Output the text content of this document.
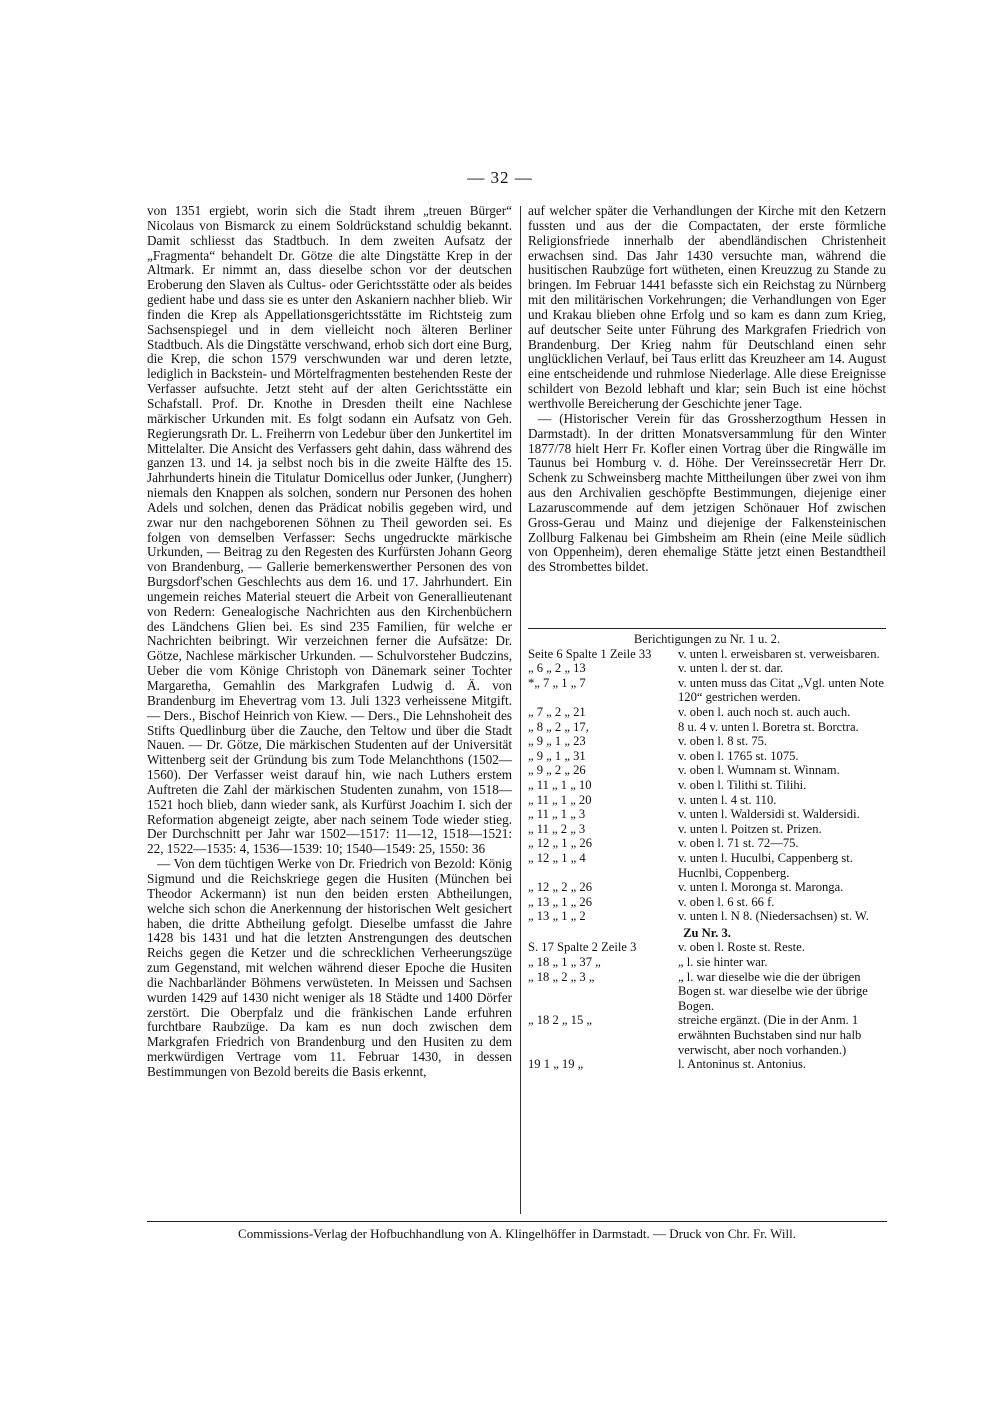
— 32 —

von 1351 ergiebt, worin sich die Stadt ihrem „treuen Bürger“ Nicolaus von Bismarck zu einem Soldrückstand schuldig bekannt. Damit schliesst das Stadtbuch. In dem zweiten Aufsatz der „Fragmenta“ behandelt Dr. Götze die alte Dingstätte Krep in der Altmark. Er nimmt an, dass dieselbe schon vor der deutschen Eroberung den Slaven als Cultus- oder Gerichtsstätte oder als beides gedient habe und dass sie es unter den Askaniern nachher blieb. Wir finden die Krep als Appellationsgerichtsstätte im Richtsteig zum Sachsenspiegel und in dem vielleicht noch älteren Berliner Stadtbuch. Als die Dingstätte verschwand, erhob sich dort eine Burg, die Krep, die schon 1579 verschwunden war und deren letzte, lediglich in Backstein- und Mörtelfragmenten bestehenden Reste der Verfasser aufsuchte. Jetzt steht auf der alten Gerichtsstätte ein Schafstall. Prof. Dr. Knothe in Dresden theilt eine Nachlese märkischer Urkunden mit. Es folgt sodann ein Aufsatz von Geh. Regierungsrath Dr. L. Freiherrn von Ledebur über den Junkertitel im Mittelalter. Die Ansicht des Verfassers geht dahin, dass während des ganzen 13. und 14. ja selbst noch bis in die zweite Hälfte des 15. Jahrhunderts hinein die Titulatur Domicellus oder Junker, (Jungherr) niemals den Knappen als solchen, sondern nur Personen des hohen Adels und solchen, denen das Prädicat nobilis gegeben wird, und zwar nur den nachgeborenen Söhnen zu Theil geworden sei. Es folgen von demselben Verfasser: Sechs ungedruckte märkische Urkunden, — Beitrag zu den Regesten des Kurfürsten Johann Georg von Brandenburg, — Gallerie bemerkenswerther Personen des von Burgsdorf'schen Geschlechts aus dem 16. und 17. Jahrhundert. Ein ungemein reiches Material steuert die Arbeit von Generallieutenant von Redern: Genealogische Nachrichten aus den Kirchenbüchern des Ländchens Glien bei. Es sind 235 Familien, für welche er Nachrichten beibringt. Wir verzeichnen ferner die Aufsätze: Dr. Götze, Nachlese märkischer Urkunden. — Schulvorsteher Budczins, Ueber die vom Könige Christoph von Dänemark seiner Tochter Margaretha, Gemahlin des Markgrafen Ludwig d. Ä. von Brandenburg im Ehevertrag vom 13. Juli 1323 verheissene Mitgift. — Ders., Bischof Heinrich von Kiew. — Ders., Die Lehnshoheit des Stifts Quedlinburg über die Zauche, den Teltow und über die Stadt Nauen. — Dr. Götze, Die märkischen Studenten auf der Universität Wittenberg seit der Gründung bis zum Tode Melanchthons (1502—1560). Der Verfasser weist darauf hin, wie nach Luthers erstem Auftreten die Zahl der märkischen Studenten zunahm, von 1518—1521 hoch blieb, dann wieder sank, als Kurfürst Joachim I. sich der Reformation abgeneigt zeigte, aber nach seinem Tode wieder stieg. Der Durchschnitt per Jahr war 1502—1517: 11—12, 1518—1521: 22, 1522—1535: 4, 1536—1539: 10; 1540—1549: 25, 1550: 36

— Von dem tüchtigen Werke von Dr. Friedrich von Bezold: König Sigmund und die Reichskriege gegen die Husiten (München bei Theodor Ackermann) ist nun den beiden ersten Abtheilungen, welche sich schon die Anerkennung der historischen Welt gesichert haben, die dritte Abtheilung gefolgt. Dieselbe umfasst die Jahre 1428 bis 1431 und hat die letzten Anstrengungen des deutschen Reichs gegen die Ketzer und die schrecklichen Verheerungszüge zum Gegenstand, mit welchen während dieser Epoche die Husiten die Nachbarländer Böhmens verwüsteten. In Meissen und Sachsen wurden 1429 auf 1430 nicht weniger als 18 Städte und 1400 Dörfer zerstört. Die Oberpfalz und die fränkischen Lande erfuhren furchtbare Raubzüge. Da kam es nun doch zwischen dem Markgrafen Friedrich von Brandenburg und den Husiten zu dem merkwürdigen Vertrage vom 11. Februar 1430, in dessen Bestimmungen von Bezold bereits die Basis erkennt,

auf welcher später die Verhandlungen der Kirche mit den Ketzern fussten und aus der die Compactaten, der erste förmliche Religionsfriede innerhalb der abendländischen Christenheit erwachsen sind. Das Jahr 1430 versuchte man, während die husitischen Raubzüge fort wütheten, einen Kreuzzug zu Stande zu bringen. Im Februar 1441 befasste sich ein Reichstag zu Nürnberg mit den militärischen Vorkehrungen; die Verhandlungen von Eger und Krakau blieben ohne Erfolg und so kam es dann zum Krieg, auf deutscher Seite unter Führung des Markgrafen Friedrich von Brandenburg. Der Krieg nahm für Deutschland einen sehr unglücklichen Verlauf, bei Taus erlitt das Kreuzheer am 14. August eine entscheidende und ruhmlose Niederlage. Alle diese Ereignisse schildert von Bezold lebhaft und klar; sein Buch ist eine höchst werthvolle Bereicherung der Geschichte jener Tage.

— (Historischer Verein für das Grossherzogthum Hessen in Darmstadt). In der dritten Monatsversammlung für den Winter 1877/78 hielt Herr Fr. Kofler einen Vortrag über die Ringwälle im Taunus bei Homburg v. d. Höhe. Der Vereinssecretär Herr Dr. Schenk zu Schweinsberg machte Mittheilungen über zwei von ihm aus den Archivalien geschöpfte Bestimmungen, diejenige einer Lazaruscommende auf dem jetzigen Schönauer Hof zwischen Gross-Gerau und Mainz und diejenige der Falkensteinischen Zollburg Falkenau bei Gimbsheim am Rhein (eine Meile südlich von Oppenheim), deren ehemalige Stätte jetzt einen Bestandtheil des Strombettes bildet.

Berichtigungen zu Nr. 1 u. 2.
Seite 6 Spalte 1 Zeile 33	v. unten l. erweisbaren st. verweisbaren.
„ 6 „ 2 „ 13	v. unten l. der st. dar.
*„ 7 „ 1 „ 7	v. unten muss das Citat „Vgl. unten Note 120“ gestrichen werden.
„ 7 „ 2 „ 21	v. oben l. auch noch st. auch auch.
„ 8 „ 2 „ 17,	8 u. 4 v. unten l. Boretra st. Borctra.
„ 9 „ 1 „ 23	v. oben l. 8 st. 75.
„ 9 „ 1 „ 31	v. oben l. 1765 st. 1075.
„ 9 „ 2 „ 26	v. oben l. Wumnam st. Winnam.
„ 11 „ 1 „ 10	v. oben l. Tilithi st. Tilihi.
„ 11 „ 1 „ 20	v. unten l. 4 st. 110.
„ 11 „ 1 „ 3	v. unten l. Waldersidi st. Waldersidi.
„ 11 „ 2 „ 3	v. unten l. Poitzen st. Prizen.
„ 12 „ 1 „ 26	v. oben l. 71 st. 72—75.
„ 12 „ 1 „ 4	v. unten l. Huculbi, Cappenberg st. Hucnlbi, Coppenberg.
„ 12 „ 2 „ 26	v. unten l. Moronga st. Maronga.
„ 13 „ 1 „ 26	v. oben l. 6 st. 66 f.
„ 13 „ 1 „ 2	v. unten l. N 8. (Niedersachsen) st. W.
Zu Nr. 3.
S. 17 Spalte 2 Zeile 3	v. oben l. Roste st. Reste.
„ 18 „ 1 „ 37 „	„ l. sie hinter war.
„ 18 „ 2 „ 3 „	„ l. war dieselbe wie die der übrigen Bogen st. war dieselbe wie der übrige Bogen.
„ 18 2 „ 15 „	streiche ergänzt. (Die in der Anm. 1 erwähnten Buchstaben sind nur halb verwischt, aber noch vorhanden.)
19 1 „ 19 „	l. Antoninus st. Antonius.
Commissions-Verlag der Hofbuchhandlung von A. Klingelhöffer in Darmstadt. — Druck von Chr. Fr. Will.
